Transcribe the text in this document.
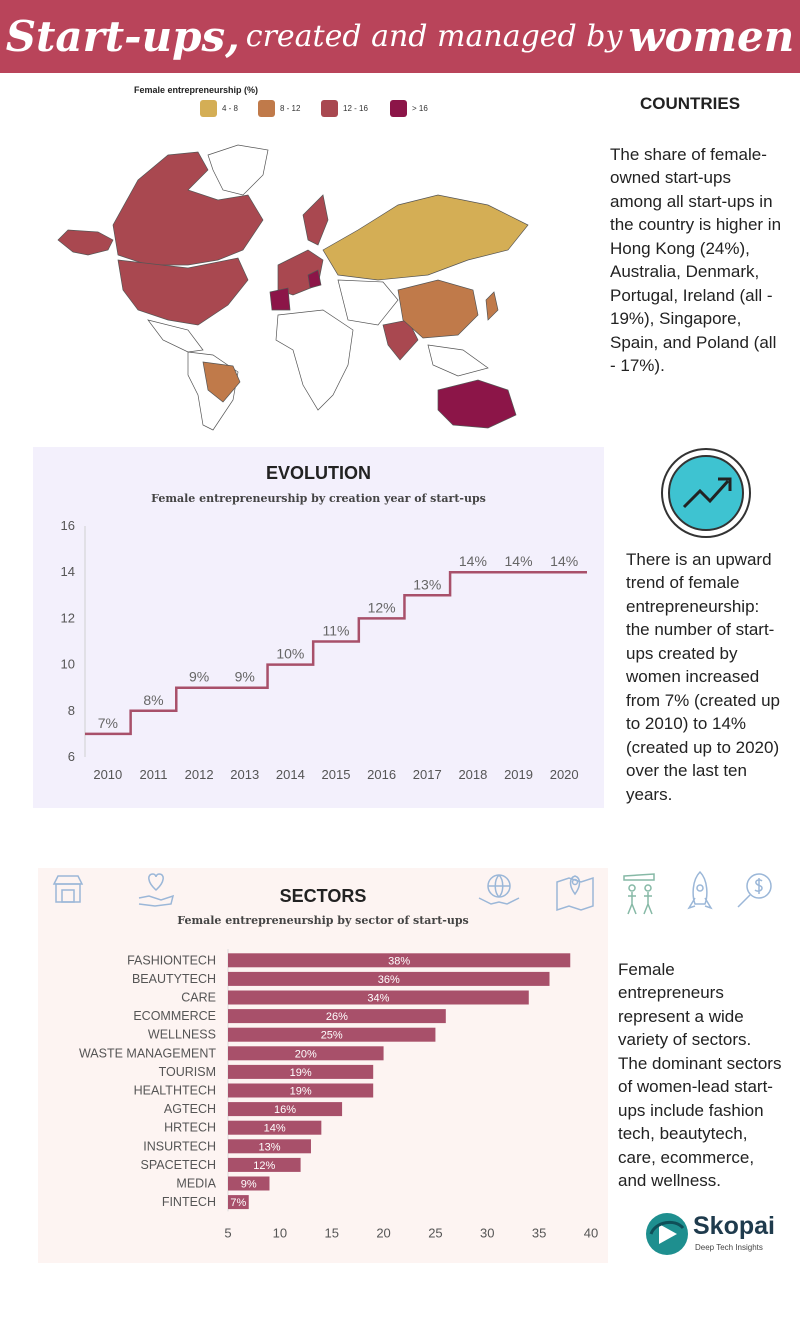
Start-ups, created and managed by women
Female entrepreneurship (%)
4 - 8	8 - 12	12 - 16	> 16	COUNTRIES
The share of female-owned start-ups among all start-ups in the country is higher in Hong Kong (24%), Australia, Denmark, Portugal, Ireland (all - 19%), Singapore, Spain, and Poland (all - 17%).
EVOLUTION
Female entrepreneurship by creation year of start-ups
6
8
10
12
14
16
7%
2010
8%
2011
9%
2012
9%
2013
10%
2014
11%
2015
12%
2016
13%
2017
14%
2018
14%
2019
14%
2020
There is an upward trend of female entrepreneurship: the number of start-ups created by women increased from 7% (created up to 2010) to 14% (created up to 2020) over the last ten years.
SECTORS
Female entrepreneurship by sector of start-ups
FASHIONTECH	38%
BEAUTYTECH	36%
CARE	34%
ECOMMERCE	26%
WELLNESS	25%
WASTE MANAGEMENT	20%
TOURISM	19%
HEALTHTECH	19%
AGTECH	16%
HRTECH	14%
INSURTECH	13%
SPACETECH	12%
MEDIA 9%
FINTECH 7%
5	10	15	20	25	30	35	40
Female entrepreneurs represent a wide variety of sectors. The dominant sectors of women-lead start-ups include fashion tech, beautytech, care, ecommerce, and wellness.
Skopai
Deep Tech Insights
